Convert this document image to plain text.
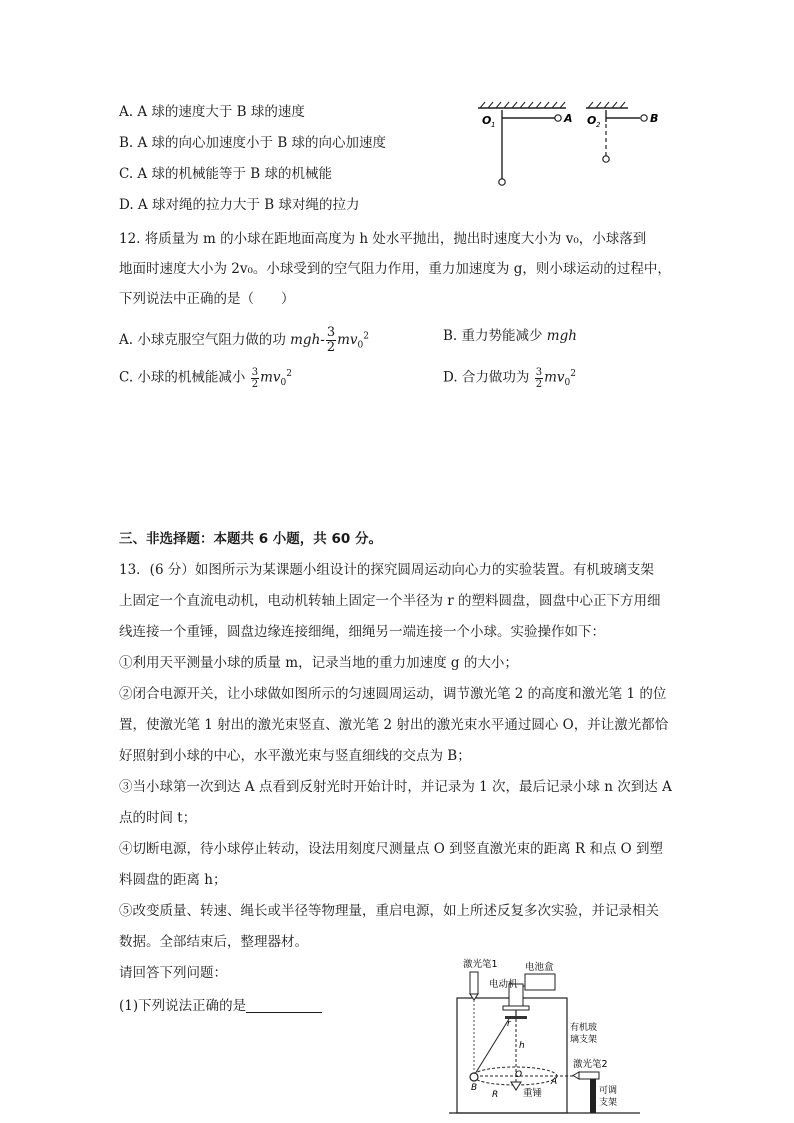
A. A 球的速度大于 B 球的速度
B. A 球的向心加速度小于 B 球的向心加速度
C. A 球的机械能等于 B 球的机械能
D. A 球对绳的拉力大于 B 球对绳的拉力
O 1	A O 2	B
12. 将质量为 m 的小球在距地面高度为 h 处水平抛出，抛出时速度大小为 v₀，小球落到
地面时速度大小为 2v₀。小球受到的空气阻力作用，重力加速度为 g，则小球运动的过程中，
下列说法中正确的是（　　）
A. 小球克服空气阻力做的功 $mgh- \frac{3}{2} mv_0^2$	B. 重力势能减少 mgh
C. 小球的机械能减小 $\frac{3}{2} mv_0^2$	D. 合力做功为 $\frac{3}{2} mv_0^2$
三、非选择题：本题共 6 小题，共 60 分。
13．(6 分）如图所示为某课题小组设计的探究圆周运动向心力的实验装置。有机玻璃支架
上固定一个直流电动机，电动机转轴上固定一个半径为 r 的塑料圆盘，圆盘中心正下方用细
线连接一个重锤，圆盘边缘连接细绳，细绳另一端连接一个小球。实验操作如下：
①利用天平测量小球的质量 m，记录当地的重力加速度 g 的大小；
②闭合电源开关，让小球做如图所示的匀速圆周运动，调节激光笔 2 的高度和激光笔 1 的位
置，使激光笔 1 射出的激光束竖直、激光笔 2 射出的激光束水平通过圆心 O，并让激光都恰
好照射到小球的中心，水平激光束与竖直细线的交点为 B；
③当小球第一次到达 A 点看到反射光时开始计时，并记录为 1 次，最后记录小球 n 次到达 A
点的时间 t；
④切断电源，待小球停止转动，设法用刻度尺测量点 O 到竖直激光束的距离 R 和点 O 到塑
料圆盘的距离 h；
⑤改变质量、转速、绳长或半径等物理量，重启电源，如上所述反复多次实验，并记录相关
数据。全部结束后，整理器材。
请回答下列问题：
(1)下列说法正确的是
激光笔1	电池盒
电动机
r
h
有机玻
璃支架
激光笔2
B
O
A
R	重锤	可调
支架
